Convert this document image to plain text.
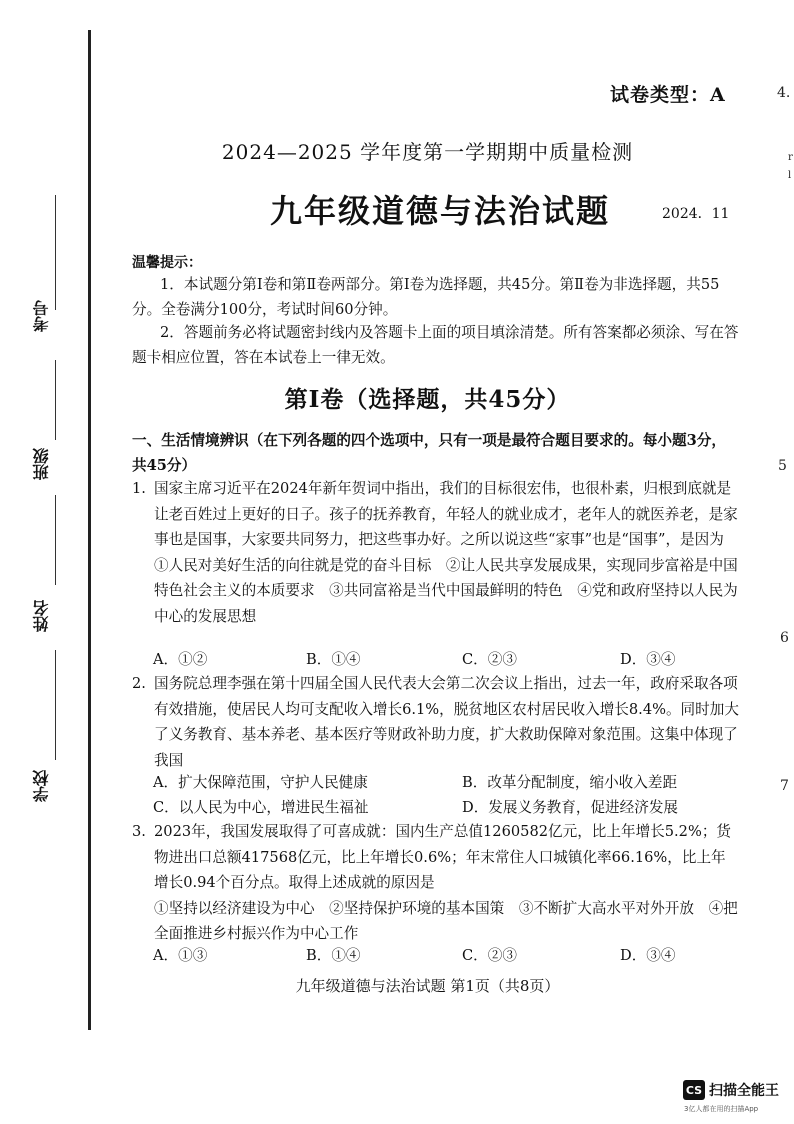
考号
班级
姓名
学校
4.
r
l
5
6
7
试卷类型：A
2024—2025 学年度第一学期期中质量检测
九年级道德与法治试题	2024．11
温馨提示：
1．本试题分第Ⅰ卷和第Ⅱ卷两部分。第Ⅰ卷为选择题，共45分。第Ⅱ卷为非选择题，共55分。全卷满分100分，考试时间60分钟。
2．答题前务必将试题密封线内及答题卡上面的项目填涂清楚。所有答案都必须涂、写在答题卡相应位置，答在本试卷上一律无效。
第Ⅰ卷（选择题，共45分）
一、生活情境辨识（在下列各题的四个选项中，只有一项是最符合题目要求的。每小题3分，共45分）
1. 国家主席习近平在2024年新年贺词中指出，我们的目标很宏伟，也很朴素，归根到底就是让老百姓过上更好的日子。孩子的抚养教育，年轻人的就业成才，老年人的就医养老，是家事也是国事，大家要共同努力，把这些事办好。之所以说这些“家事”也是“国事”，是因为
①人民对美好生活的向往就是党的奋斗目标　②让人民共享发展成果，实现同步富裕是中国特色社会主义的本质要求　③共同富裕是当代中国最鲜明的特色　④党和政府坚持以人民为中心的发展思想
A．①②	B．①④	C．②③	D．③④
2. 国务院总理李强在第十四届全国人民代表大会第二次会议上指出，过去一年，政府采取各项有效措施，使居民人均可支配收入增长6.1%，脱贫地区农村居民收入增长8.4%。同时加大了义务教育、基本养老、基本医疗等财政补助力度，扩大救助保障对象范围。这集中体现了我国
A．扩大保障范围，守护人民健康	B．改革分配制度，缩小收入差距
C．以人民为中心，增进民生福祉	D．发展义务教育，促进经济发展
3. 2023年，我国发展取得了可喜成就：国内生产总值1260582亿元，比上年增长5.2%；货物进出口总额417568亿元，比上年增长0.6%；年末常住人口城镇化率66.16%，比上年增长0.94个百分点。取得上述成就的原因是
①坚持以经济建设为中心　②坚持保护环境的基本国策　③不断扩大高水平对外开放　④把全面推进乡村振兴作为中心工作
A．①③	B．①④	C．②③	D．③④
九年级道德与法治试题 第1页（共8页）
CS 扫描全能王
3亿人都在用的扫描App
